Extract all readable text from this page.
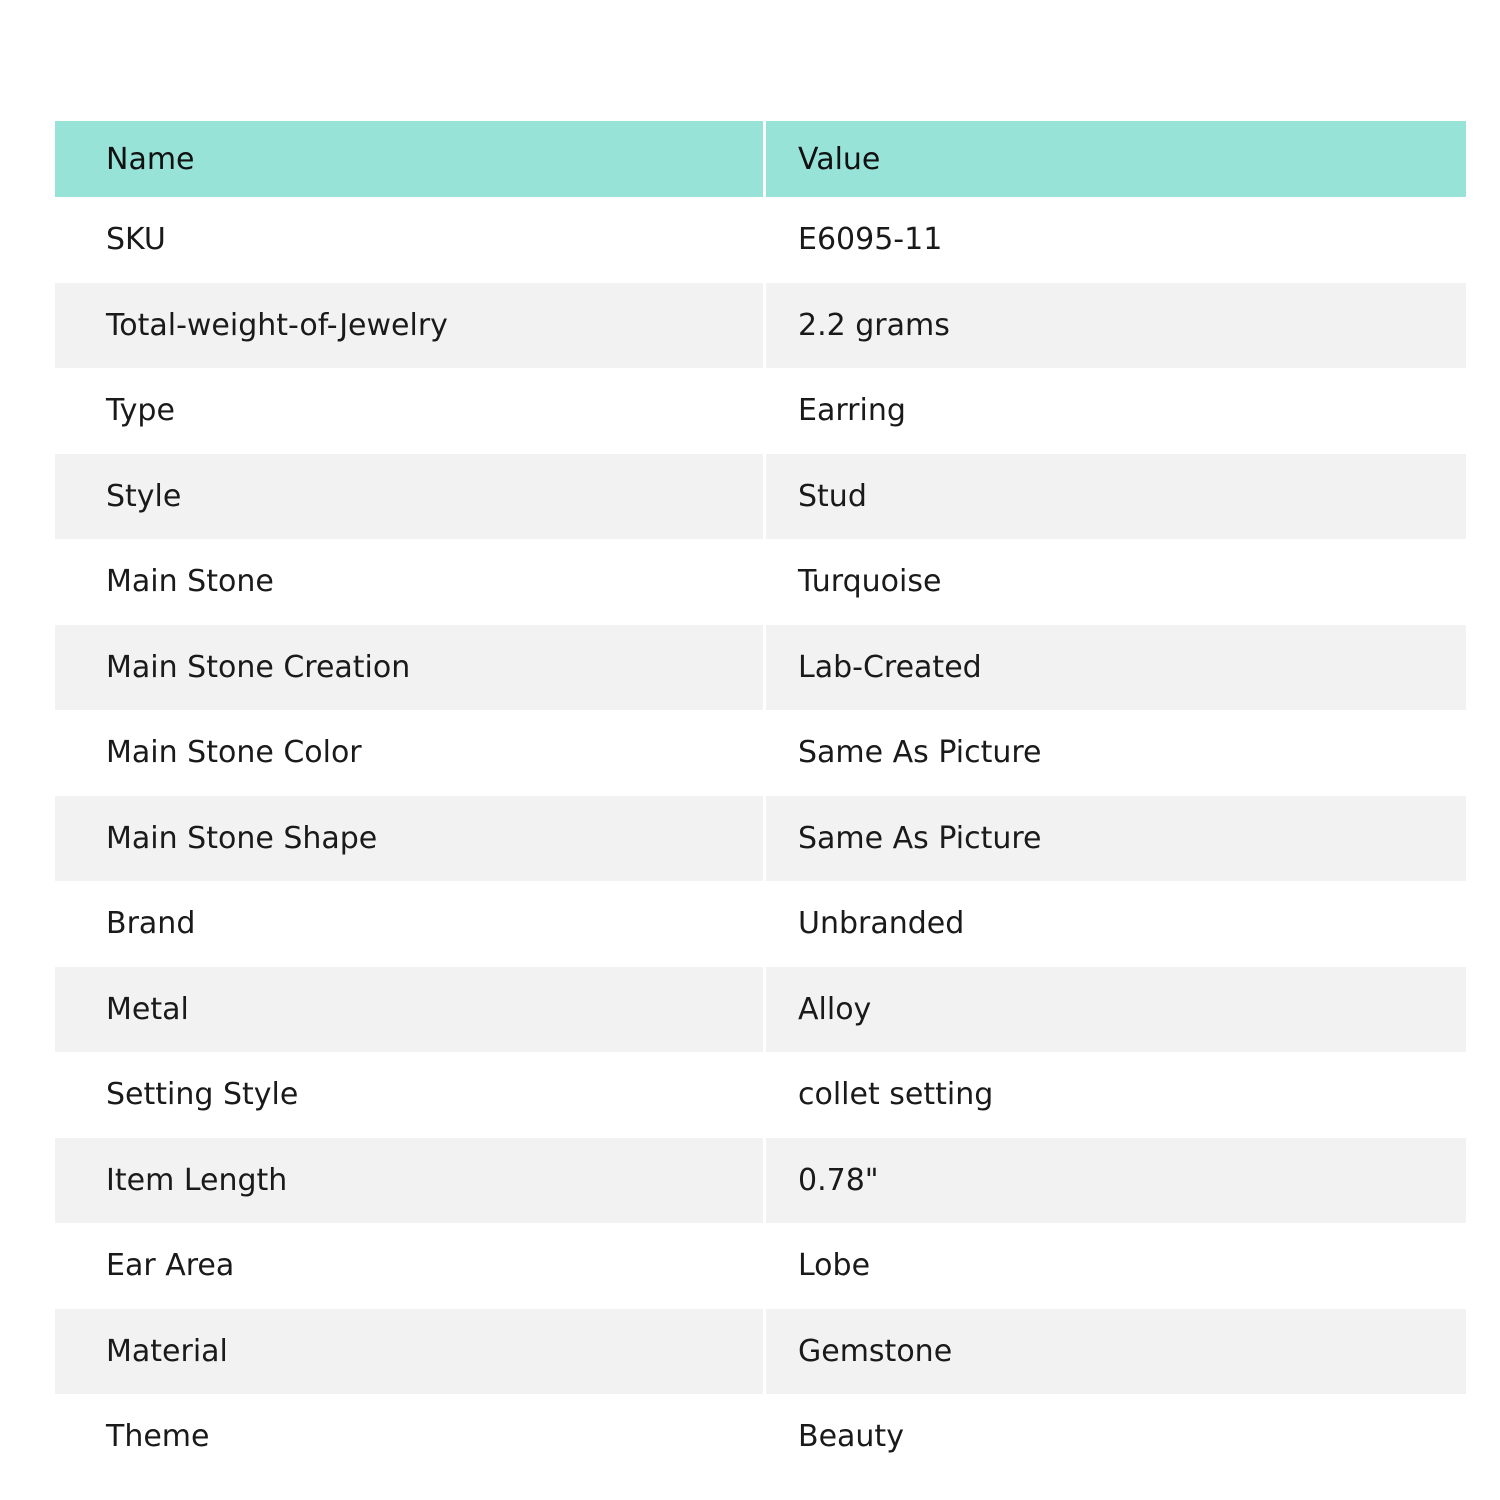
Name	Value
SKU	E6095-11
Total-weight-of-Jewelry	2.2 grams
Type	Earring
Style	Stud
Main Stone	Turquoise
Main Stone Creation	Lab-Created
Main Stone Color	Same As Picture
Main Stone Shape	Same As Picture
Brand	Unbranded
Metal	Alloy
Setting Style	collet setting
Item Length	0.78"
Ear Area	Lobe
Material	Gemstone
Theme	Beauty
